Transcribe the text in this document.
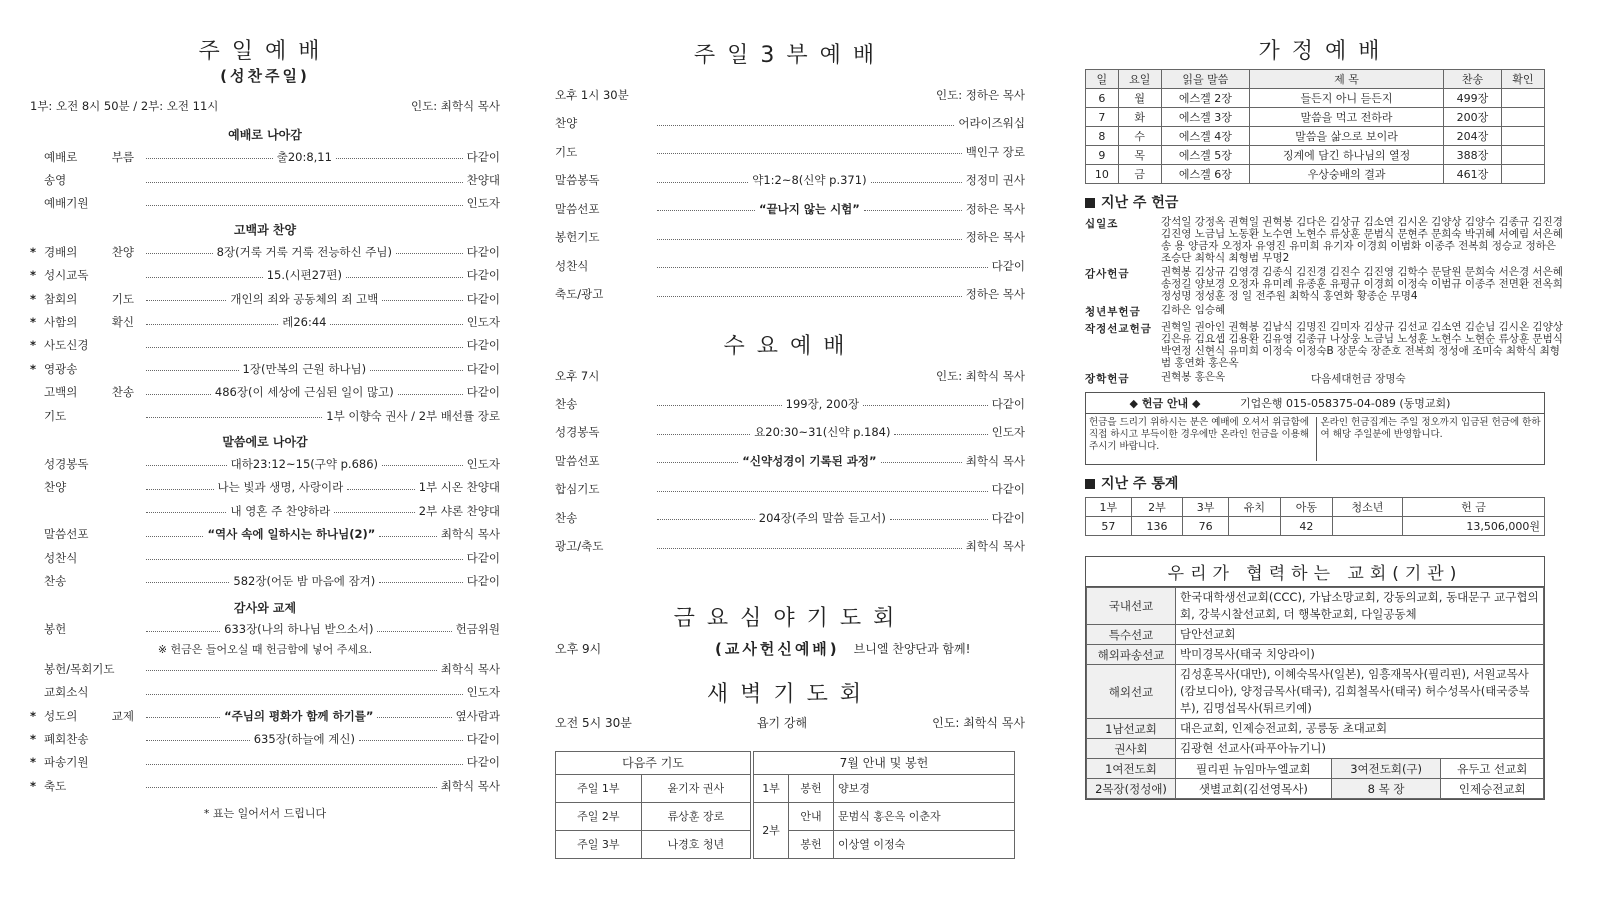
주일예배
(성찬주일)
1부: 오전 8시 50분 / 2부: 오전 11시	인도: 최학식 목사
예배로 나아감
예배로 부름	출20:8,11	다같이
송영	찬양대
예배기원	인도자
고백과 찬양
* 경배의 찬양	8장(거룩 거룩 거룩 전능하신 주님)	다같이
* 성시교독	15.(시편27편)	다같이
* 참회의 기도	개인의 죄와 공동체의 죄 고백	다같이
* 사함의 확신	레26:44	인도자
* 사도신경	다같이
* 영광송	1장(만복의 근원 하나님)	다같이
고백의 찬송	486장(이 세상에 근심된 일이 많고)	다같이
기도	1부 이향숙 권사 / 2부 배선률 장로
말씀에로 나아감
성경봉독	대하23:12~15(구약 p.686)	인도자
찬양	나는 빛과 생명, 사랑이라	1부 시온 찬양대
내 영혼 주 찬양하라	2부 샤론 찬양대
말씀선포	“역사 속에 일하시는 하나님(2)”	최학식 목사
성찬식	다같이
찬송	582장(어둔 밤 마음에 잠겨)	다같이
감사와 교제
봉헌	633장(나의 하나님 받으소서)	헌금위원
※ 헌금은 들어오실 때 헌금함에 넣어 주세요.
봉헌/목회기도	최학식 목사
교회소식	인도자
* 성도의 교제	“주님의 평화가 함께 하기를”	옆사람과
* 폐회찬송	635장(하늘에 계신)	다같이
* 파송기원	다같이
* 축도	최학식 목사
* 표는 일어서서 드립니다
주일3부예배
오후 1시 30분	인도: 정하은 목사
찬양	어라이즈워십
기도	백인구 장로
말씀봉독	약1:2~8(신약 p.371)	정정미 권사
말씀선포	“끝나지 않는 시험”	정하은 목사
봉헌기도	정하은 목사
성찬식	다같이
축도/광고	정하은 목사
수요예배
오후 7시	인도: 최학식 목사
찬송	199장, 200장	다같이
성경봉독	요20:30~31(신약 p.184)	인도자
말씀선포	“신약성경이 기록된 과정”	최학식 목사
합심기도	다같이
찬송	204장(주의 말씀 듣고서)	다같이
광고/축도	최학식 목사
금요심야기도회
오후 9시	(교사헌신예배) 브니엘 찬양단과 함께!
새벽기도회
오전 5시 30분	욥기 강해	인도: 최학식 목사
다음주 기도	
주일 1부	윤기자 권사
주일 2부	류상훈 장로
주일 3부	나경호 청년
7월 안내 및 봉헌		
1부	봉헌	양보경
2부	안내	문범식 홍은옥 이춘자
	봉헌	이상열 이정숙
가정예배
일	요일	읽을 말씀	제 목	찬송	확인
6	월	에스겔 2장	들든지 아니 듣든지	499장	
7	화	에스겔 3장	말씀을 먹고 전하라	200장	
8	수	에스겔 4장	말씀을 삶으로 보이라	204장	
9	목	에스겔 5장	징계에 담긴 하나님의 열정	388장	
10	금	에스겔 6장	우상숭배의 결과	461장	
지난 주 헌금
십일조	강석일 강정옥 권혁일 권혁봉 김다은 김상규 김소연 김시온 김양상 김양수 김종규 김진경 김진영 노금님 노동환 노수연 노현수 류상훈 문범식 문현주 문희숙 박귀혜 서예림 서은혜 송 용 양금자 오정자 유영진 유미희 유기자 이경희 이범화 이종주 전복희 정승교 정하은 조승단 최학식 최형범 무명2
감사헌금	권혁봉 김상규 김영경 김종식 김진경 김진수 김진영 김학수 문달원 문희숙 서은경 서은혜 송정길 양보경 오정자 유미례 유종훈 유평규 이경희 이정숙 이범규 이종주 전면환 전옥희 정성명 정성훈 정 일 전주원 최학식 홍연화 황종순 무명4
청년부헌금	김하은 임승혜
작정선교헌금 권혁일 권아인 권혁봉 김남식 김명진 김미자 김상규 김선교 김소연 김순님 김시온 김양상 김은유 김요셉 김용환 김유영 김종규 나상웅 노금님 노성훈 노현수 노현순 류상훈 문범식 박연정 신현식 유미희 이정숙 이정숙B 장문숙 장준호 전복희 정성애 조미숙 최학식 최형범 홍연화 홍은옥
장학헌금	권혁봉 홍은옥	다음세대헌금 장명숙
◆ 헌금 안내 ◆	기업은행 015-058375-04-089 (동명교회)
헌금을 드리기 위하시는 분은 예배에 오셔서 위급함에 직접 하시고 부득이한 경우에만 온라인 헌금을 이용해 주시기 바랍니다.
온라인 헌금집계는 주일 정오까지 입금된 헌금에 한하여 해당 주일분에 반영합니다.
지난 주 통계
1부	2부	3부	유치	아동	청소년	헌 금
57	136	76		42		13,506,000원
우리가 협력하는 교회(기관)
국내선교	한국대학생선교회(CCC), 가납소망교회, 강동의교회, 동대문구 교구협의회, 강북시찰선교회, 더 행복한교회, 다일공동체		
특수선교	담안선교회		
해외파송선교	박미경목사(태국 치앙라이)		
해외선교	김성훈목사(대만), 이혜숙목사(일본), 임흥재목사(필리핀), 서원교목사(캄보디아), 양정금목사(태국), 김희철목사(태국) 허수성목사(태국중북부), 김명섭목사(튀르키예)		
1남선교회	대은교회, 인제승전교회, 공릉동 초대교회		
권사회	김광현 선교사(파푸아뉴기니)		
1여전도회	필리핀 뉴임마누엘교회	3여전도회(구)	유두고 선교회
2목장(정성애)	샛별교회(김선영목사)	8 목 장	인제승전교회
